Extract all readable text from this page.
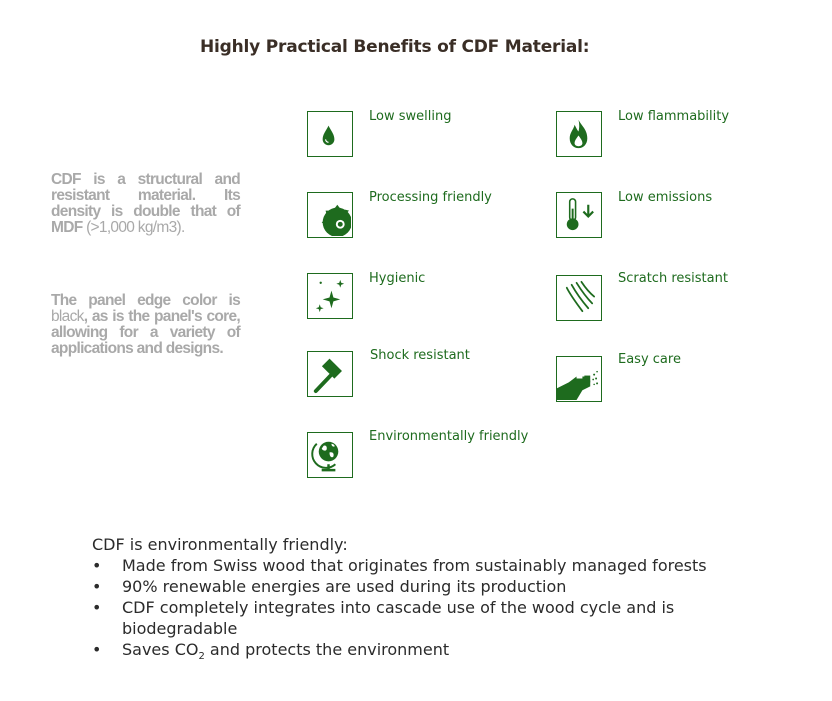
Highly Practical Benefits of CDF Material:
CDF is a structural and resistant material. Its density is double that of MDF (>1,000 kg/m3).
The panel edge color is black, as is the panel's core, allowing for a variety of applications and designs.
Low swelling	Low flammability
Processing friendly	Low emissions
Hygienic	Scratch resistant
Shock resistant	Easy care
Environmentally friendly
CDF is environmentally friendly:
• Made from Swiss wood that originates from sustainably managed forests
• 90% renewable energies are used during its production
• CDF completely integrates into cascade use of the wood cycle and is biodegradable
• Saves $CO_2$ and protects the environment
